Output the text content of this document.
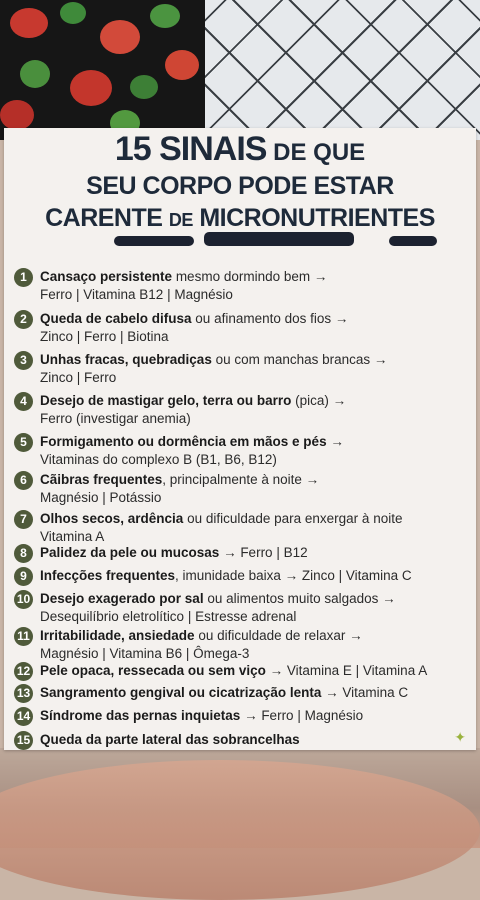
15 SINAIS DE QUE
SEU CORPO PODE ESTAR
CARENTE DE MICRONUTRIENTES
1 Cansaço persistente mesmo dormindo bem →
Ferro | Vitamina B12 | Magnésio
2 Queda de cabelo difusa ou afinamento dos fios →
Zinco | Ferro | Biotina
3 Unhas fracas, quebradiças ou com manchas brancas →
Zinco | Ferro
4 Desejo de mastigar gelo, terra ou barro (pica) →
Ferro (investigar anemia)
5 Formigamento ou dormência em mãos e pés →
Vitaminas do complexo B (B1, B6, B12)
6 Cãibras frequentes, principalmente à noite →
Magnésio | Potássio
7 Olhos secos, ardência ou dificuldade para enxergar à noite
Vitamina A
8 Palidez da pele ou mucosas → Ferro | B12
9 Infecções frequentes, imunidade baixa → Zinco | Vitamina C
10 Desejo exagerado por sal ou alimentos muito salgados →
Desequilíbrio eletrolítico | Estresse adrenal
11 Irritabilidade, ansiedade ou dificuldade de relaxar →
Magnésio | Vitamina B6 | Ômega-3
12 Pele opaca, ressecada ou sem viço → Vitamina E | Vitamina A
13 Sangramento gengival ou cicatrização lenta → Vitamina C
14 Síndrome das pernas inquietas → Ferro | Magnésio
15 Queda da parte lateral das sobrancelhas	✦
